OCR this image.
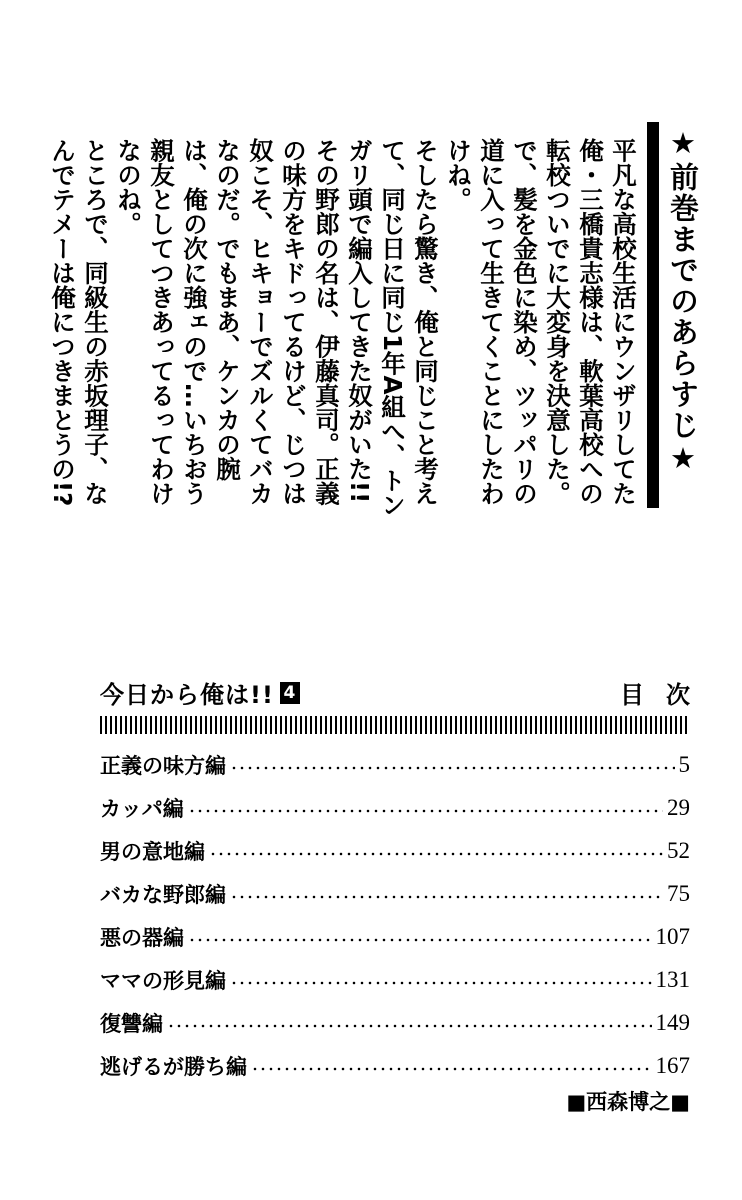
★前巻までのあらすじ★

平凡な高校生活にウンザリしてた俺・三橋貴志様は、軟葉高校への転校ついでに大変身を決意した。で、髪を金色に染め、ツッパリの道に入って生きてくことにしたわけね。

そしたら驚き、俺と同じこと考えて、同じ日に同じ1年A組へ、トンガリ頭で編入してきた奴がいた!!

その野郎の名は、伊藤真司。正義の味方をキドってるけど、じつは奴こそ、ヒキョーでズルくてバカなのだ。でもまあ、ケンカの腕は、俺の次に強ェので…いちおう親友としてつきあってるってわけなのね。

ところで、同級生の赤坂理子、なんでテメーは俺につきまとうの!?

今日から俺は!! 4	目次
正義の味方編	5
カッパ編	29
男の意地編	52
バカな野郎編	75
悪の器編	107
ママの形見編	131
復讐編	149
逃げるが勝ち編	167
■西森博之■
